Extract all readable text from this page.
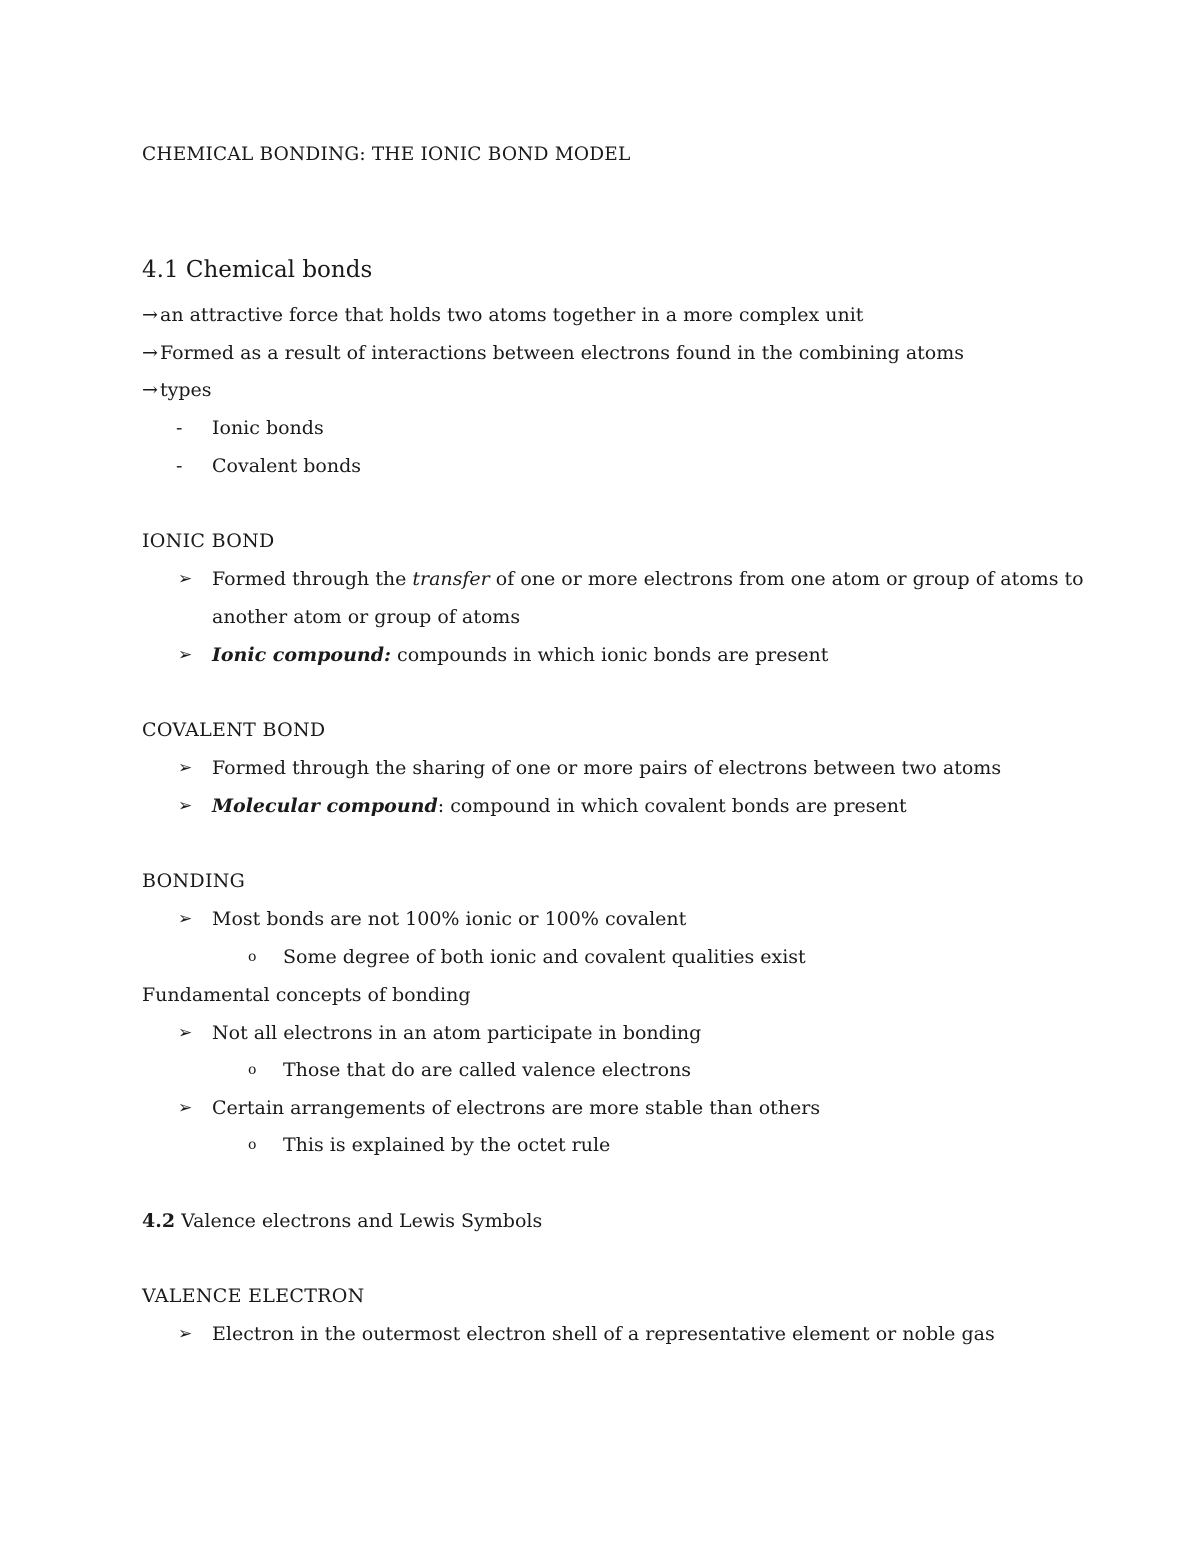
CHEMICAL BONDING: THE IONIC BOND MODEL
4.1 Chemical bonds
→ an attractive force that holds two atoms together in a more complex unit
→ Formed as a result of interactions between electrons found in the combining atoms
→ types
-	Ionic bonds
-	Covalent bonds
IONIC BOND
➢	Formed through the transfer of one or more electrons from one atom or group of atoms to
another atom or group of atoms
➢	Ionic compound: compounds in which ionic bonds are present
COVALENT BOND
➢	Formed through the sharing of one or more pairs of electrons between two atoms
➢	Molecular compound: compound in which covalent bonds are present
BONDING
➢	Most bonds are not 100% ionic or 100% covalent
o Some degree of both ionic and covalent qualities exist
Fundamental concepts of bonding
➢	Not all electrons in an atom participate in bonding
o Those that do are called valence electrons
➢	Certain arrangements of electrons are more stable than others
o This is explained by the octet rule
4.2 Valence electrons and Lewis Symbols
VALENCE ELECTRON
➢	Electron in the outermost electron shell of a representative element or noble gas
